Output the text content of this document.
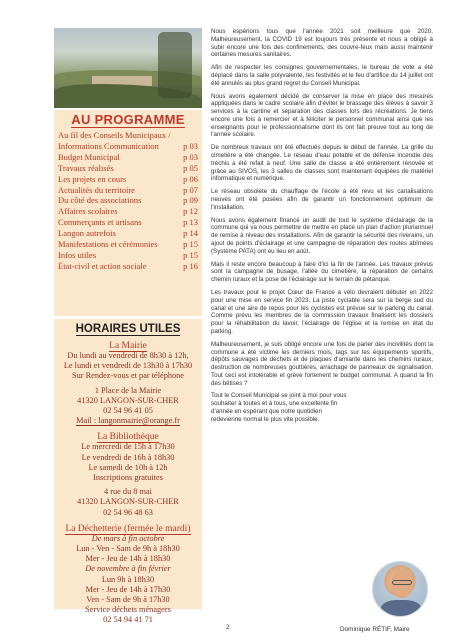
AU PROGRAMME
Au fil des Conseils Municipaux /
Informations Communication	p 03
Budget Municipal	p 03
Travaux réalisés	p 05
Les projets en cours	p 06
Actualités du territoire	p 07
Du côté des associations	p 09
Affaires scolaires	p 12
Commerçants et artisans	p 13
Langon autrefois	p 14
Manifestations et cérémonies	p 15
Infos utiles	p 15
État-civil et action sociale	p 16
HORAIRES UTILES
La Mairie
Du lundi au vendredi de 8h30 à 12h,
Le lundi et vendredi de 13h30 à 17h30
Sur Rendez-vous et par téléphone
1 Place de la Mairie
41320 LANGON-SUR-CHER
02 54 96 41 05
Mail : langonmairie@orange.fr
La Bibliothèque
Le mercredi de 15h à 17h30
Le vendredi de 16h à 18h30
Le samedi de 10h à 12h
Inscriptions gratuites
4 rue du 8 mai
41320 LANGON-SUR-CHER
02 54 96 48 63
La Déchetterie (fermée le mardi)
De mars à fin octobre
Lun - Ven - Sam de 9h à 18h30
Mer - Jeu de 14h à 18h30
De novembre à fin février
Lun 9h à 18h30
Mer - Jeu de 14h à 17h30
Ven - Sam de 9h à 17h30
Service déchets ménagers
02 54 94 41 71

Nous espérions tous que l'année 2021 soit meilleure que 2020. Malheureusement, la COVID 19 est toujours très présente et nous a obligé à subir encore une fois des confinements, des couvre-feux mais aussi maintenir certaines mesures sanitaires.

Afin de respecter les consignes gouvernementales, le bureau de vote a été déplacé dans la salle polyvalente, les festivités et le feu d'artifice du 14 juillet ont été annulés au plus grand regret du Conseil Municipal.

Nous avons également décidé de conserver la mise en place des mesures appliquées dans le cadre scolaire afin d'éviter le brassage des élèves à savoir 3 services à la cantine et séparation des classes lors des récréations. Je tiens encore une fois à remercier et à féliciter le personnel communal ainsi que les enseignants pour le professionnalisme dont ils ont fait preuve tout au long de l'année scolaire.

De nombreux travaux ont été effectués depuis le début de l'année. La grille du cimetière a été changée. Le réseau d'eau potable et de défense incendie des tréchis a été refait à neuf. Une salle de classe a été entièrement rénovée et grâce au SIVOS, les 3 salles de classes sont maintenant équipées de matériel informatique et numérique.

Le réseau obsolète du chauffage de l'école a été revu et les canalisations neuves ont été posées afin de garantir un fonctionnement optimum de l'installation.

Nous avons également financé un audit de tout le système d'éclairage de la commune qui va nous permettre de mettre en place un plan d'action pluriannuel de remise à niveau des installations. Afin de garantir la sécurité des riverains, un ajout de points d'éclairage et une campagne de réparation des routes abîmées (Système PATA) ont eu lieu en août.

Mais il reste encore beaucoup à faire d'ici la fin de l'année. Les travaux prévus sont la campagne de busage, l'allée du cimetière, la réparation de certains chemin ruraux et la pose de l'éclairage sur le terrain de pétanque.

Les travaux pour le projet Cœur de France à vélo devraient débuter en 2022 pour une mise en service fin 2023. La piste cyclable sera sur la berge sud du canal et une aire de repos pour les cyclistes est prévue sur le parking du canal. Comme prévu les membres de la commission travaux finalisent les dossiers pour la réhabilitation du lavoir, l'éclairage de l'église et la remise en état du parking.

Malheureusement, je suis obligé encore une fois de parler des incivilités dont la commune a été victime les derniers mois, tags sur les équipements sportifs, dépôts sauvages de déchets et de plaques d'amiante dans les chemins ruraux, destruction de nombreuses gouttières, arrachage de panneaux de signalisation. Tout ceci est intolérable et grève fortement le budget communal. A quand la fin des bêtises ?

Tout le Conseil Municipal se joint à moi pour vous souhaiter à toutes et à tous, une excellente fin d'année en espérant que notre quotidien redevienne normal le plus vite possible.

Dominique RÉTIF, Maire
2
